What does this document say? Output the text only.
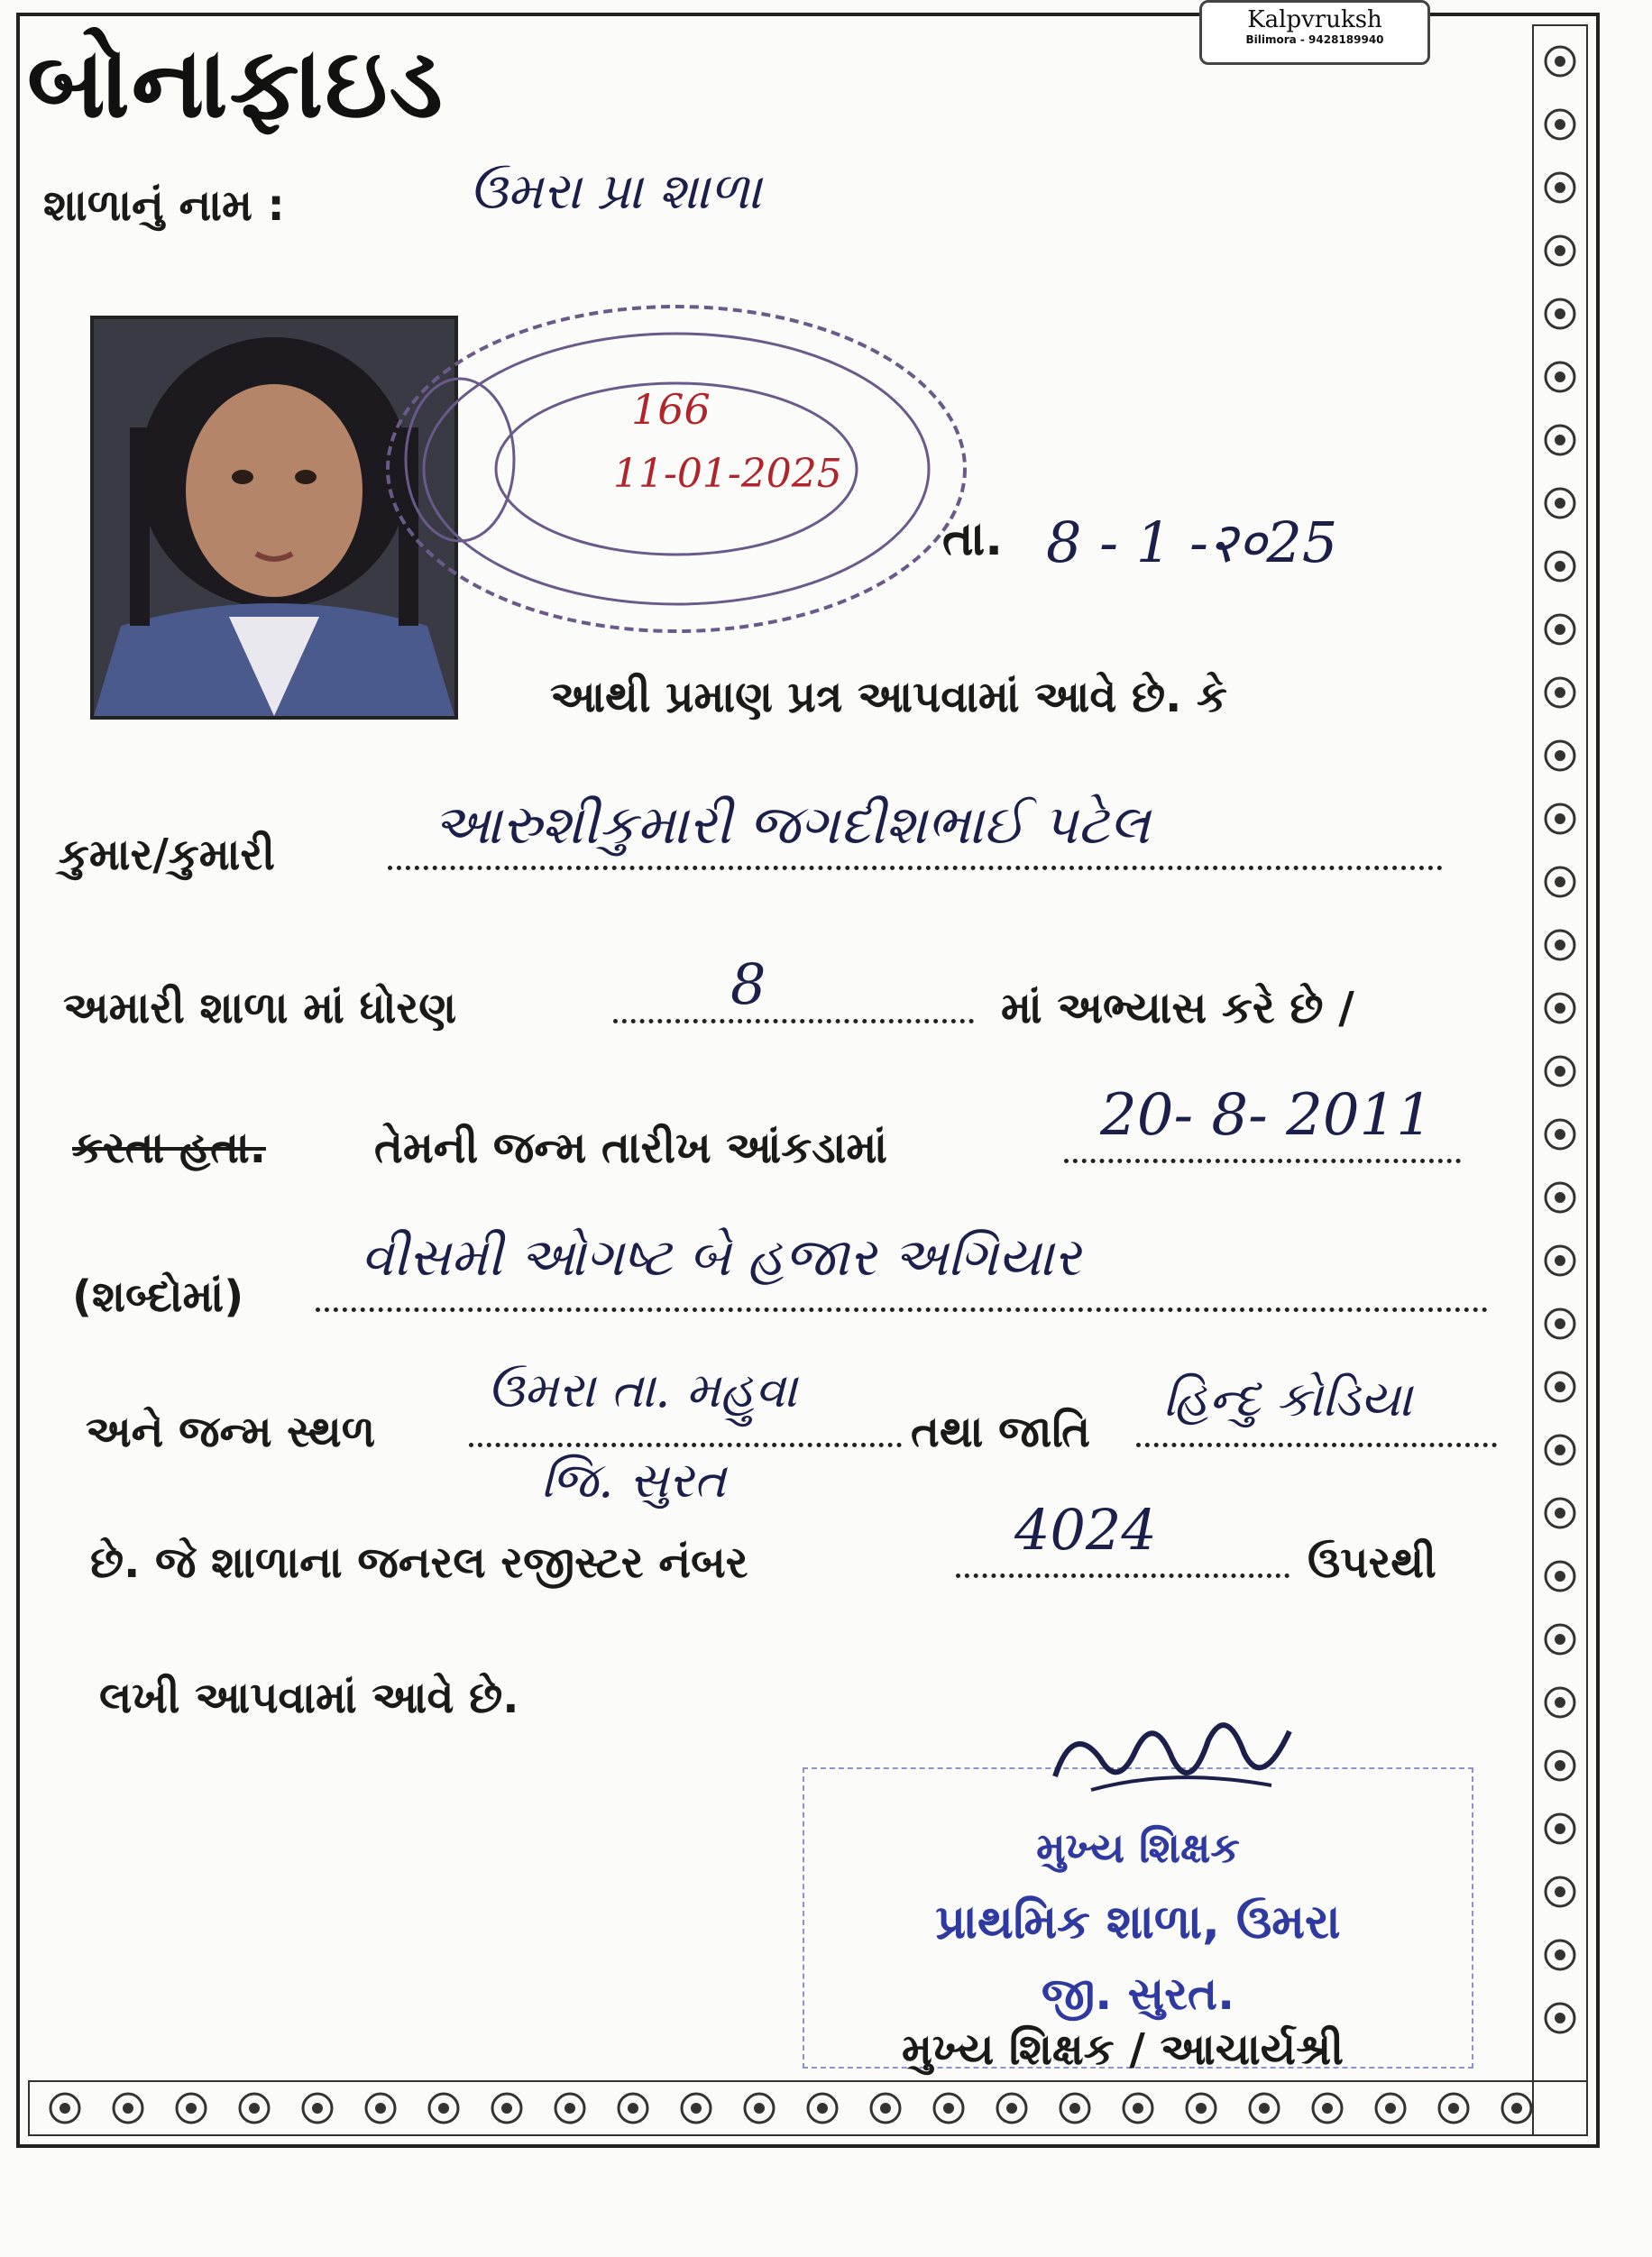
Kalpvruksh
Bilimora - 9428189940
બોનાફાઇડ
શાળાનું નામ :	ઉમરા પ્રા શાળા
166
11-01-2025
તા. 8 - 1 -२०25
આથી પ્રમાણ પ્રત્ર આપવામાં આવે છે. કે
કુમાર/કુમારી	આરુશીકુમારી જગદીશભાઈ પટેલ
અમારી શાળા માં ધોરણ	8	માં અભ્યાસ કરે છે /
કરતા હતા.	તેમની જન્મ તારીખ આંકડામાં	20- 8- 2011
(શબ્દોમાં)
વીસમી ઓગષ્ટ બે હજાર અગિયાર
અને જન્મ સ્થળ
ઉમરા તા. મહુવા
જિ. સુરત
તથા જાતિ
હિન્દુ કોડિયા
છે. જે શાળાના જનરલ રજીસ્ટર નંબર	4024	ઉપરથી
લખી આપવામાં આવે છે.
મુખ્ય શિક્ષક
પ્રાથમિક શાળા, ઉમરા
જી. સુરત.
મુખ્ય શિક્ષક / આચાર્યશ્રી
